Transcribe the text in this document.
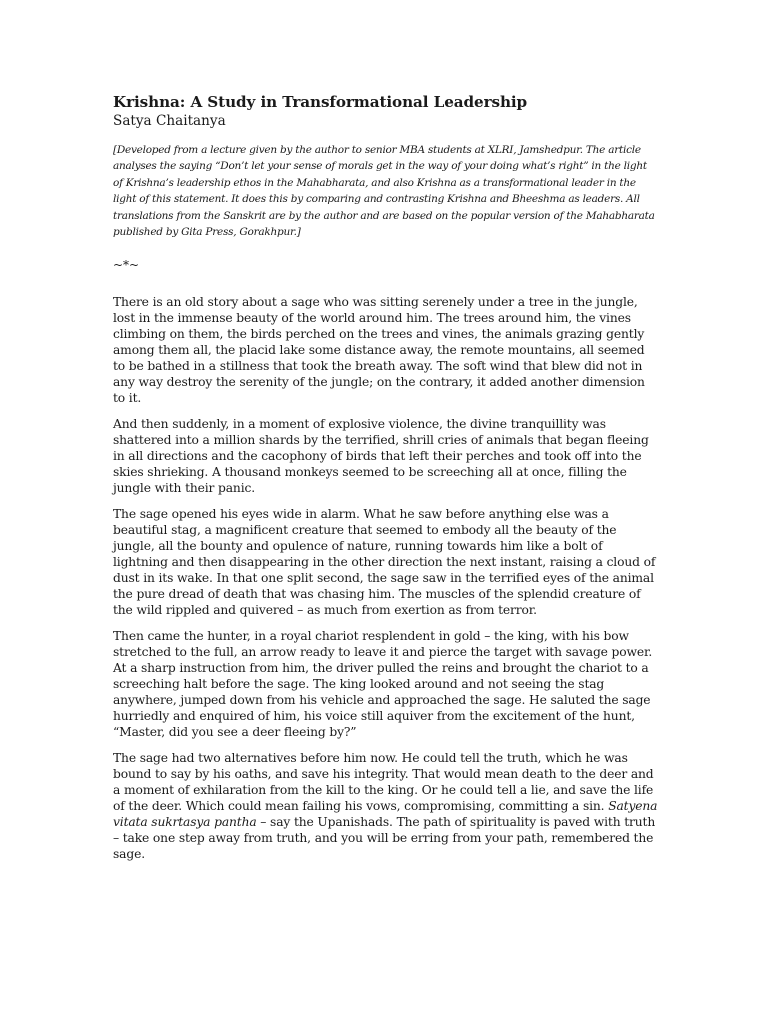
Krishna: A Study in Transformational Leadership

Satya Chaitanya

[Developed from a lecture given by the author to senior MBA students at XLRI, Jamshedpur. The article analyses the saying “Don’t let your sense of morals get in the way of your doing what’s right” in the light of Krishna’s leadership ethos in the Mahabharata, and also Krishna as a transformational leader in the light of this statement. It does this by comparing and contrasting Krishna and Bheeshma as leaders. All translations from the Sanskrit are by the author and are based on the popular version of the Mahabharata published by Gita Press, Gorakhpur.]

~*~

There is an old story about a sage who was sitting serenely under a tree in the jungle, lost in the immense beauty of the world around him. The trees around him, the vines climbing on them, the birds perched on the trees and vines, the animals grazing gently among them all, the placid lake some distance away, the remote mountains, all seemed to be bathed in a stillness that took the breath away. The soft wind that blew did not in any way destroy the serenity of the jungle; on the contrary, it added another dimension to it.

And then suddenly, in a moment of explosive violence, the divine tranquillity was shattered into a million shards by the terrified, shrill cries of animals that began fleeing in all directions and the cacophony of birds that left their perches and took off into the skies shrieking. A thousand monkeys seemed to be screeching all at once, filling the jungle with their panic.

The sage opened his eyes wide in alarm. What he saw before anything else was a beautiful stag, a magnificent creature that seemed to embody all the beauty of the jungle, all the bounty and opulence of nature, running towards him like a bolt of lightning and then disappearing in the other direction the next instant, raising a cloud of dust in its wake. In that one split second, the sage saw in the terrified eyes of the animal the pure dread of death that was chasing him. The muscles of the splendid creature of the wild rippled and quivered – as much from exertion as from terror.

Then came the hunter, in a royal chariot resplendent in gold – the king, with his bow stretched to the full, an arrow ready to leave it and pierce the target with savage power. At a sharp instruction from him, the driver pulled the reins and brought the chariot to a screeching halt before the sage. The king looked around and not seeing the stag anywhere, jumped down from his vehicle and approached the sage. He saluted the sage hurriedly and enquired of him, his voice still aquiver from the excitement of the hunt, “Master, did you see a deer fleeing by?”

The sage had two alternatives before him now. He could tell the truth, which he was bound to say by his oaths, and save his integrity. That would mean death to the deer and a moment of exhilaration from the kill to the king. Or he could tell a lie, and save the life of the deer. Which could mean failing his vows, compromising, committing a sin. Satyena vitata sukrtasya pantha – say the Upanishads. The path of spirituality is paved with truth – take one step away from truth, and you will be erring from your path, remembered the sage.
